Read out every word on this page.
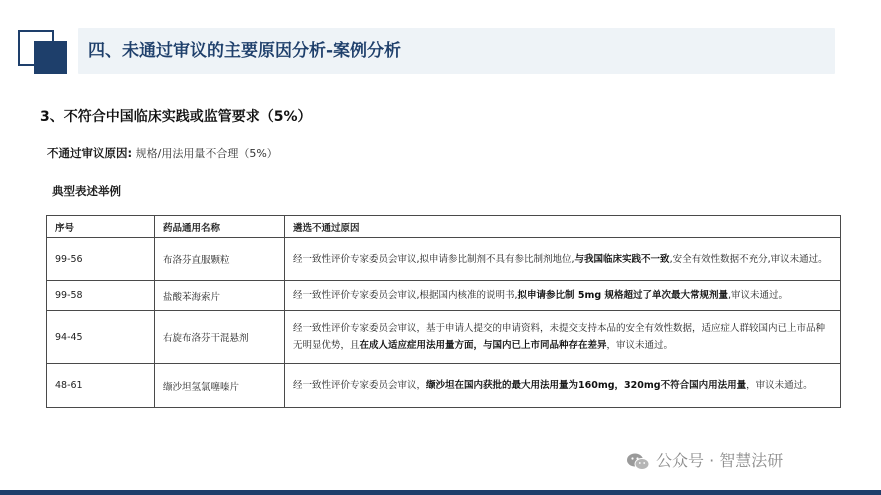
四、未通过审议的主要原因分析-案例分析
3、不符合中国临床实践或监管要求（5%）
不通过审议原因: 规格/用法用量不合理（5%）
典型表述举例
序号	药品通用名称	遴选不通过原因
99-56	布洛芬直服颗粒	经一致性评价专家委员会审议,拟申请参比制剂不具有参比制剂地位,与我国临床实践不一致,安全有效性数据不充分,审议未通过。
99-58	盐酸苯海索片	经一致性评价专家委员会审议,根据国内核准的说明书,拟申请参比制 5mg 规格超过了单次最大常规剂量,审议未通过。
94-45	右旋布洛芬干混悬剂	经一致性评价专家委员会审议，基于申请人提交的申请资料，未提交支持本品的安全有效性数据，适应症人群较国内已上市品种无明显优势，且在成人适应症用法用量方面，与国内已上市同品种存在差异，审议未通过。
48-61	缬沙坦氢氯噻嗪片	经一致性评价专家委员会审议，缬沙坦在国内获批的最大用法用量为160mg，320mg不符合国内用法用量，审议未通过。
公众号 · 智慧法研
